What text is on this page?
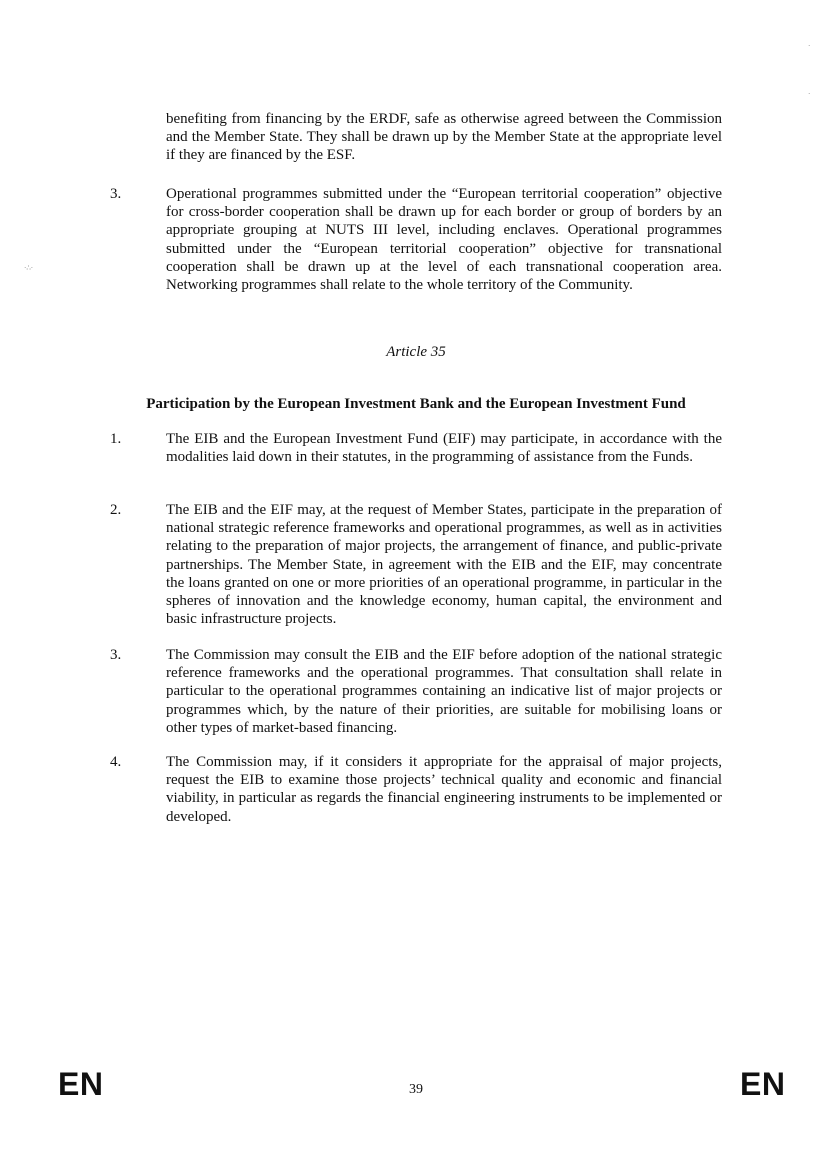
·∴·
·
·

benefiting from financing by the ERDF, safe as otherwise agreed between the Commission and the Member State. They shall be drawn up by the Member State at the appropriate level if they are financed by the ESF.

3.	Operational programmes submitted under the “European territorial cooperation” objective for cross-border cooperation shall be drawn up for each border or group of borders by an appropriate grouping at NUTS III level, including enclaves. Operational programmes submitted under the “European territorial cooperation” objective for transnational cooperation shall be drawn up at the level of each transnational cooperation area. Networking programmes shall relate to the whole territory of the Community.

Article 35
Participation by the European Investment Bank and the European Investment Fund
1.	The EIB and the European Investment Fund (EIF) may participate, in accordance with the modalities laid down in their statutes, in the programming of assistance from the Funds.

2.	The EIB and the EIF may, at the request of Member States, participate in the preparation of national strategic reference frameworks and operational programmes, as well as in activities relating to the preparation of major projects, the arrangement of finance, and public-private partnerships. The Member State, in agreement with the EIB and the EIF, may concentrate the loans granted on one or more priorities of an operational programme, in particular in the spheres of innovation and the knowledge economy, human capital, the environment and basic infrastructure projects.

3.	The Commission may consult the EIB and the EIF before adoption of the national strategic reference frameworks and the operational programmes. That consultation shall relate in particular to the operational programmes containing an indicative list of major projects or programmes which, by the nature of their priorities, are suitable for mobilising loans or other types of market-based financing.

4.	The Commission may, if it considers it appropriate for the appraisal of major projects, request the EIB to examine those projects’ technical quality and economic and financial viability, in particular as regards the financial engineering instruments to be implemented or developed.

EN	39	EN
